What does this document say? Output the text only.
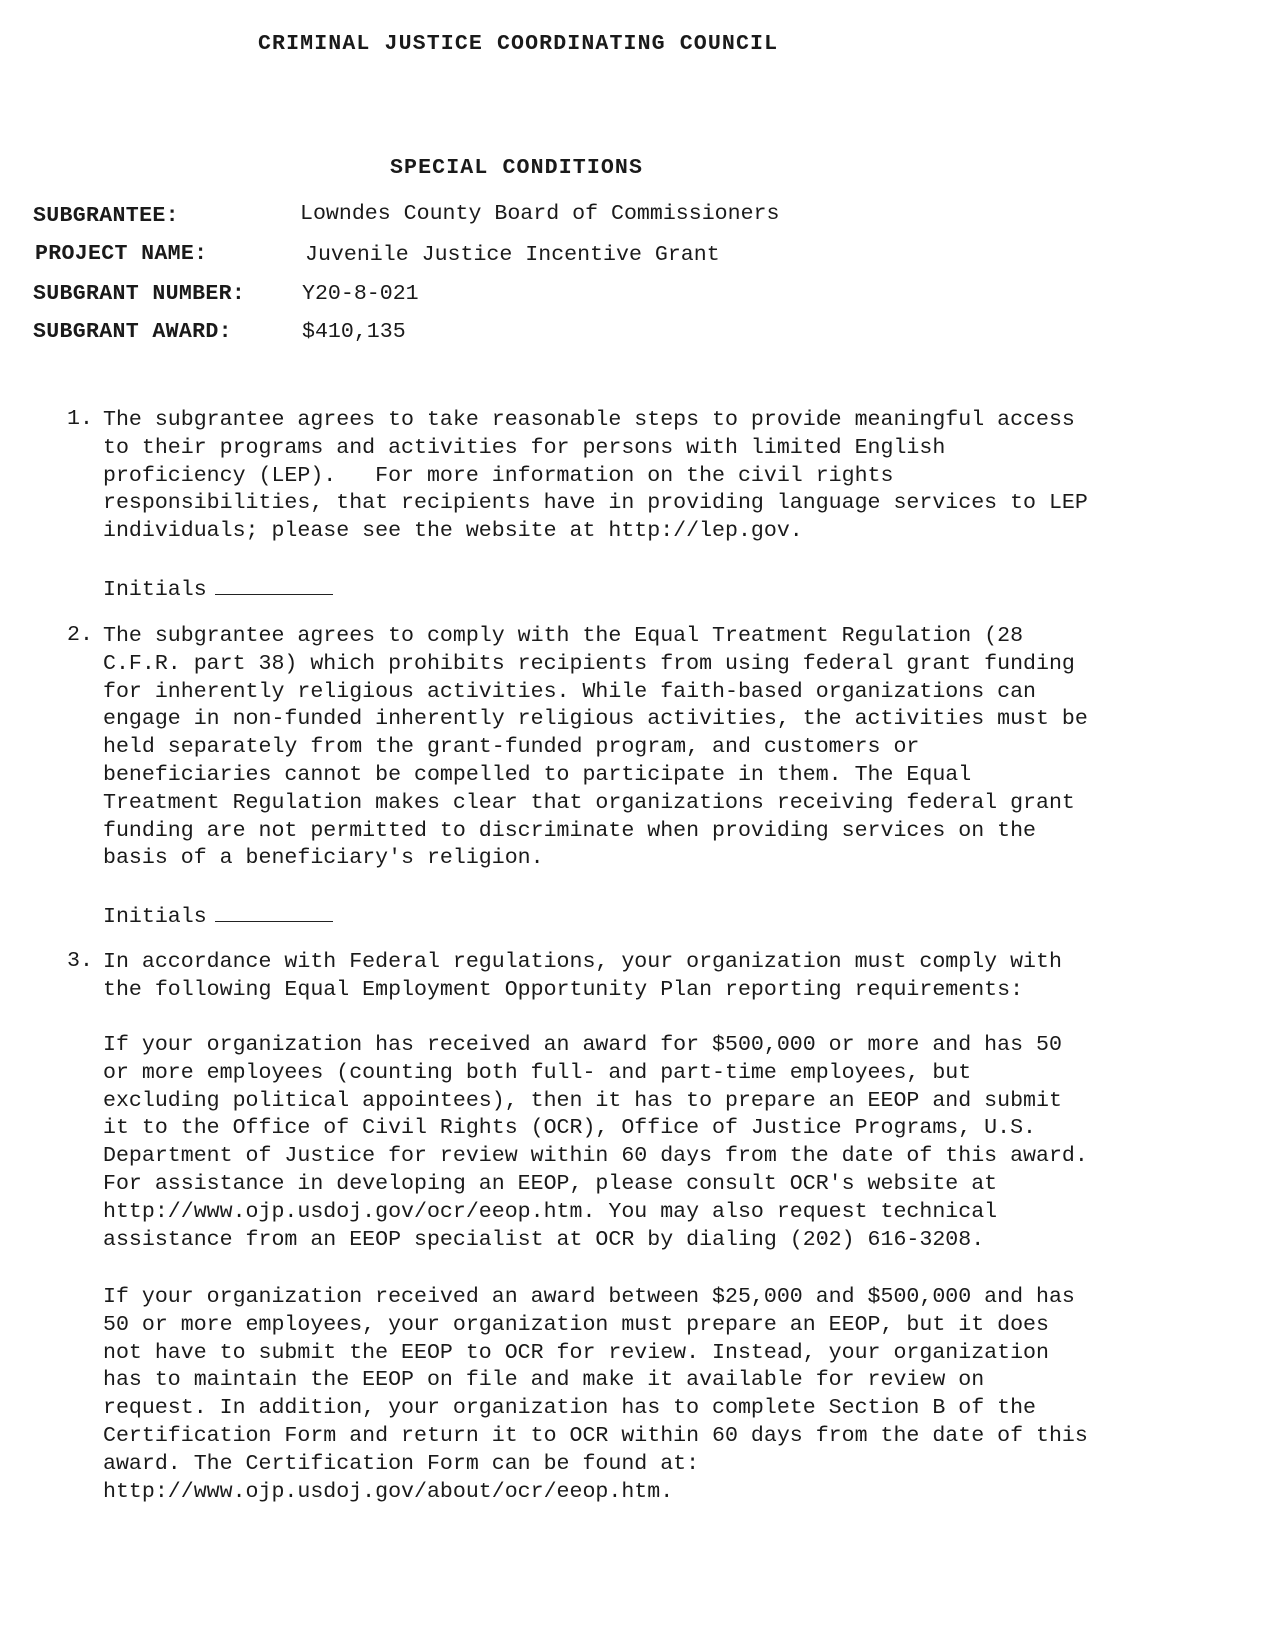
CRIMINAL JUSTICE COORDINATING COUNCIL
SPECIAL CONDITIONS
SUBGRANTEE:	Lowndes County Board of Commissioners
PROJECT NAME:	Juvenile Justice Incentive Grant
SUBGRANT NUMBER:	Y20-8-021
SUBGRANT AWARD:	$410,135
1. The subgrantee agrees to take reasonable steps to provide meaningful access
to their programs and activities for persons with limited English
proficiency (LEP).   For more information on the civil rights
responsibilities, that recipients have in providing language services to LEP
individuals; please see the website at http://lep.gov.
Initials
2. The subgrantee agrees to comply with the Equal Treatment Regulation (28
C.F.R. part 38) which prohibits recipients from using federal grant funding
for inherently religious activities. While faith-based organizations can
engage in non-funded inherently religious activities, the activities must be
held separately from the grant-funded program, and customers or
beneficiaries cannot be compelled to participate in them. The Equal
Treatment Regulation makes clear that organizations receiving federal grant
funding are not permitted to discriminate when providing services on the
basis of a beneficiary's religion.
Initials
3. In accordance with Federal regulations, your organization must comply with
the following Equal Employment Opportunity Plan reporting requirements:
If your organization has received an award for $500,000 or more and has 50
or more employees (counting both full- and part-time employees, but
excluding political appointees), then it has to prepare an EEOP and submit
it to the Office of Civil Rights (OCR), Office of Justice Programs, U.S.
Department of Justice for review within 60 days from the date of this award.
For assistance in developing an EEOP, please consult OCR's website at
http://www.ojp.usdoj.gov/ocr/eeop.htm. You may also request technical
assistance from an EEOP specialist at OCR by dialing (202) 616-3208.
If your organization received an award between $25,000 and $500,000 and has
50 or more employees, your organization must prepare an EEOP, but it does
not have to submit the EEOP to OCR for review. Instead, your organization
has to maintain the EEOP on file and make it available for review on
request. In addition, your organization has to complete Section B of the
Certification Form and return it to OCR within 60 days from the date of this
award. The Certification Form can be found at:
http://www.ojp.usdoj.gov/about/ocr/eeop.htm.
